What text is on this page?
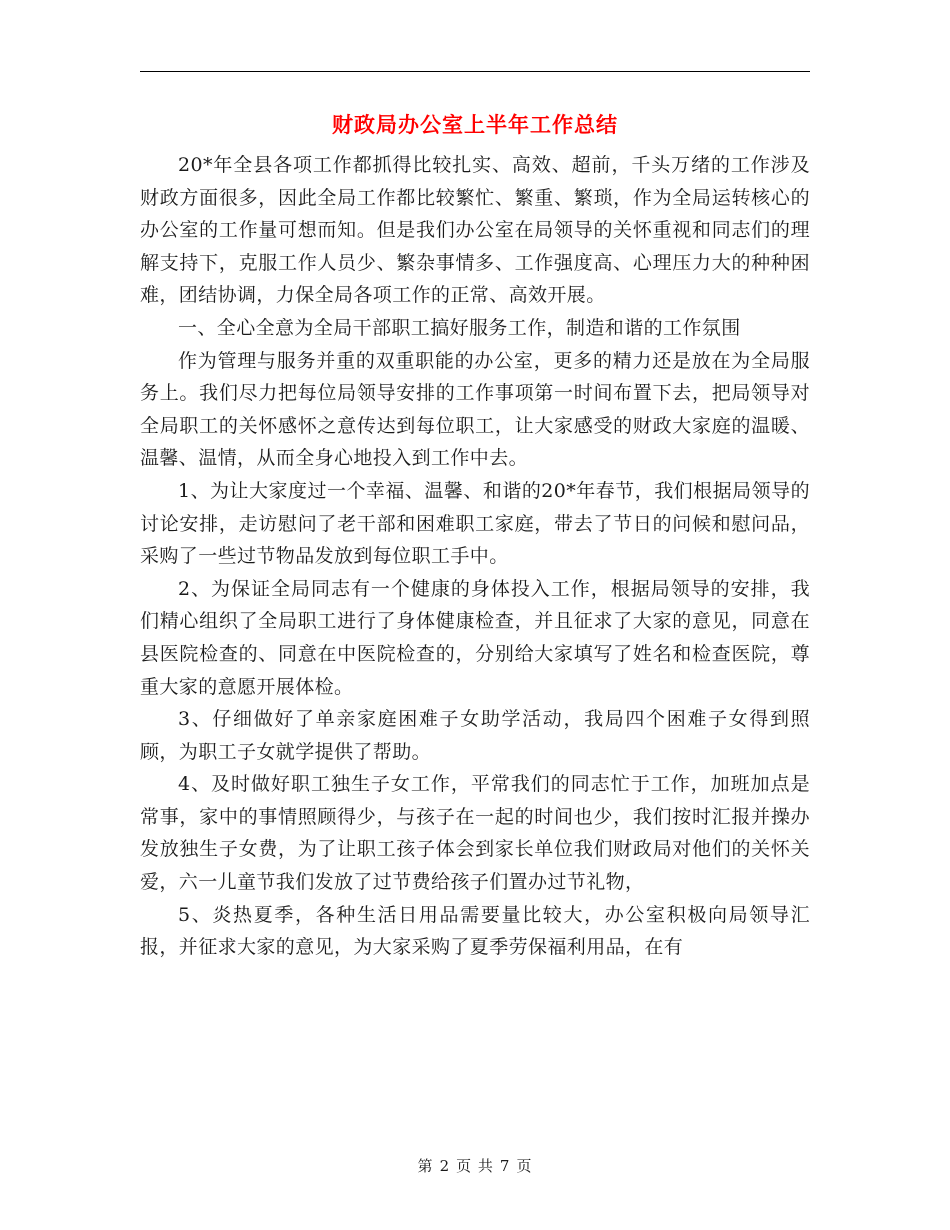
财政局办公室上半年工作总结

20*年全县各项工作都抓得比较扎实、高效、超前，千头万绪的工作涉及财政方面很多，因此全局工作都比较繁忙、繁重、繁琐，作为全局运转核心的办公室的工作量可想而知。但是我们办公室在局领导的关怀重视和同志们的理解支持下，克服工作人员少、繁杂事情多、工作强度高、心理压力大的种种困难，团结协调，力保全局各项工作的正常、高效开展。

一、全心全意为全局干部职工搞好服务工作，制造和谐的工作氛围

作为管理与服务并重的双重职能的办公室，更多的精力还是放在为全局服务上。我们尽力把每位局领导安排的工作事项第一时间布置下去，把局领导对全局职工的关怀感怀之意传达到每位职工，让大家感受的财政大家庭的温暖、温馨、温情，从而全身心地投入到工作中去。

1、为让大家度过一个幸福、温馨、和谐的20*年春节，我们根据局领导的讨论安排，走访慰问了老干部和困难职工家庭，带去了节日的问候和慰问品，采购了一些过节物品发放到每位职工手中。

2、为保证全局同志有一个健康的身体投入工作，根据局领导的安排，我们精心组织了全局职工进行了身体健康检查，并且征求了大家的意见，同意在县医院检查的、同意在中医院检查的，分别给大家填写了姓名和检查医院，尊重大家的意愿开展体检。

3、仔细做好了单亲家庭困难子女助学活动，我局四个困难子女得到照顾，为职工子女就学提供了帮助。

4、及时做好职工独生子女工作，平常我们的同志忙于工作，加班加点是常事，家中的事情照顾得少，与孩子在一起的时间也少，我们按时汇报并操办发放独生子女费，为了让职工孩子体会到家长单位我们财政局对他们的关怀关爱，六一儿童节我们发放了过节费给孩子们置办过节礼物，

5、炎热夏季，各种生活日用品需要量比较大，办公室积极向局领导汇报，并征求大家的意见，为大家采购了夏季劳保福利用品，在有

第 2 页 共 7 页
